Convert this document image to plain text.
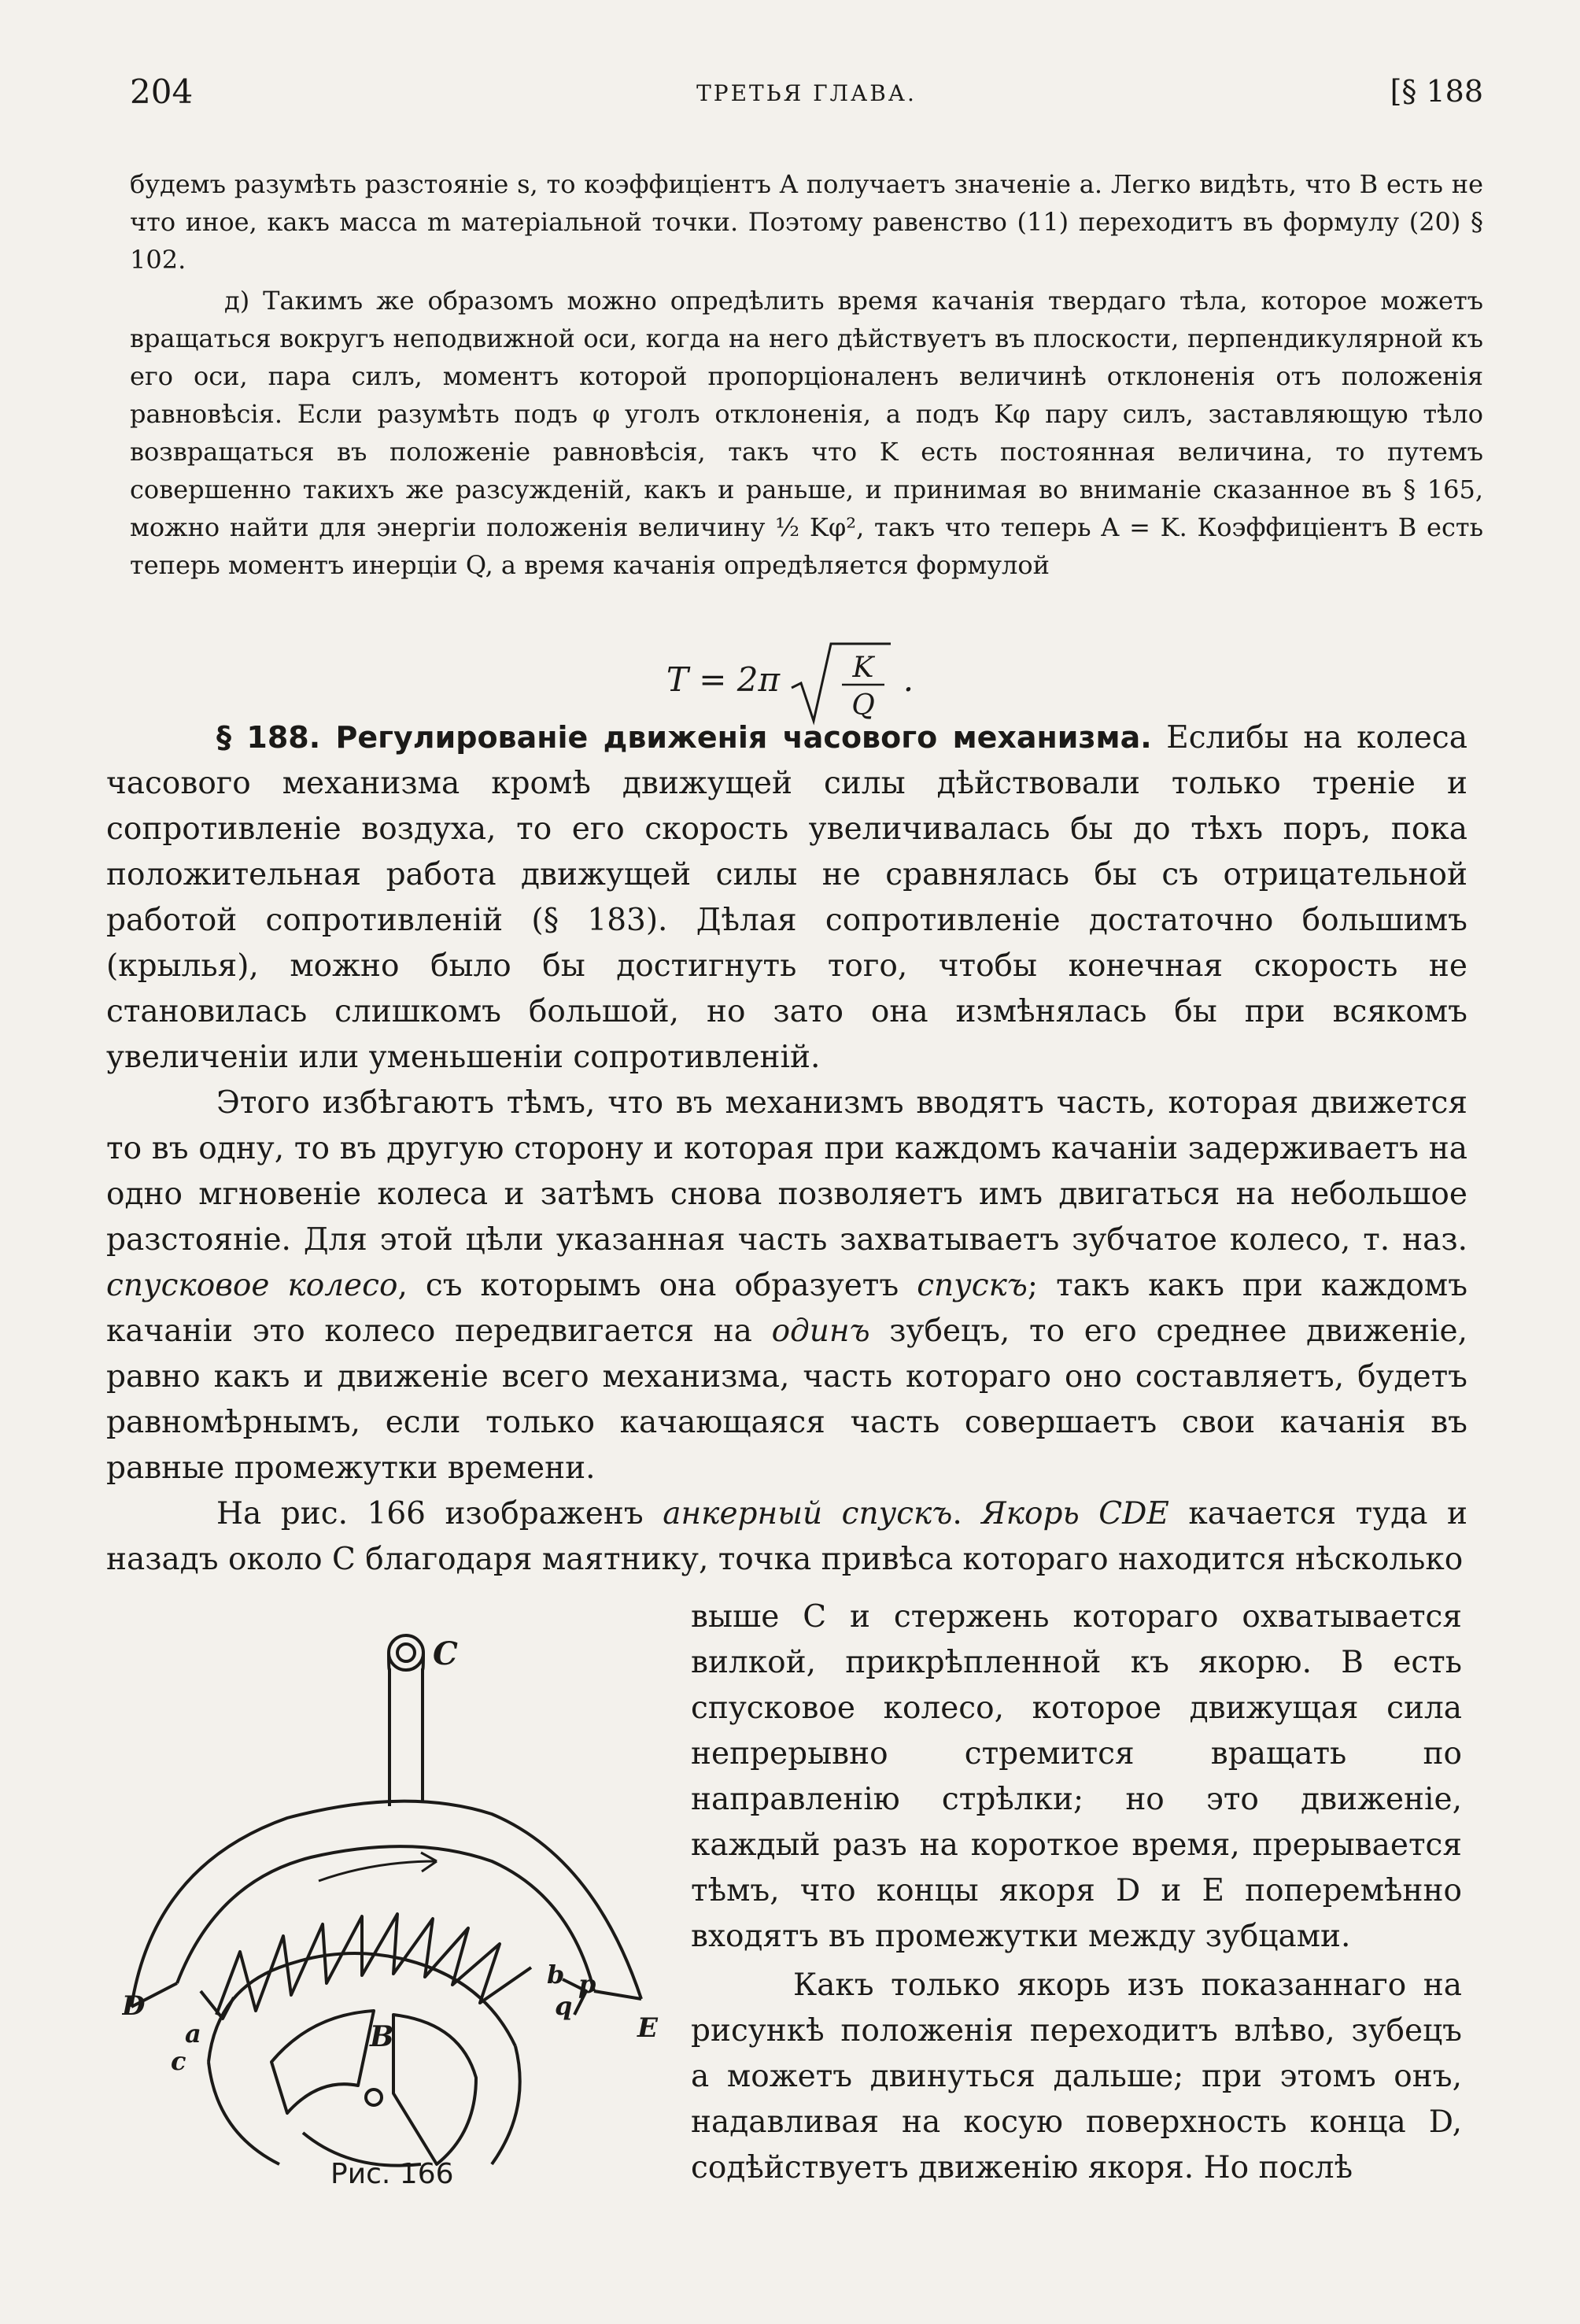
204	ТРЕТЬЯ ГЛАВА.	[§ 188

будемъ разумѣть разстояніе s, то коэффиціентъ A получаетъ значеніе a. Легко видѣть, что B есть не что иное, какъ масса m матеріальной точки. Поэтому равенство (11) переходитъ въ формулу (20) § 102.

д) Такимъ же образомъ можно опредѣлить время качанія твердаго тѣла, которое можетъ вращаться вокругъ неподвижной оси, когда на него дѣйствуетъ въ плоскости, перпендикулярной къ его оси, пара силъ, моментъ которой пропорціоналенъ величинѣ отклоненія отъ положенія равновѣсія. Если разумѣть подъ φ уголъ отклоненія, а подъ Kφ пару силъ, заставляющую тѣло возвращаться въ положеніе равновѣсія, такъ что K есть постоянная величина, то путемъ совершенно такихъ же разсужденій, какъ и раньше, и принимая во вниманіе сказанное въ § 165, можно найти для энергіи положенія величину ½ Kφ², такъ что теперь A = K. Коэффиціентъ B есть теперь моментъ инерціи Q, а время качанія опредѣляется формулой

T = 2π	K
Q
.

§ 188. Регулированіе движенія часового механизма. Еслибы на колеса часового механизма кромѣ движущей силы дѣйствовали только треніе и сопротивленіе воздуха, то его скорость увеличивалась бы до тѣхъ поръ, пока положительная работа движущей силы не сравнялась бы съ отрицательной работой сопротивленій (§ 183). Дѣлая сопротивленіе достаточно большимъ (крылья), можно было бы достигнуть того, чтобы конечная скорость не становилась слишкомъ большой, но зато она измѣнялась бы при всякомъ увеличеніи или уменьшеніи сопротивленій.

Этого избѣгаютъ тѣмъ, что въ механизмъ вводятъ часть, которая движется то въ одну, то въ другую сторону и которая при каждомъ качаніи задерживаетъ на одно мгновеніе колеса и затѣмъ снова позволяетъ имъ двигаться на небольшое разстояніе. Для этой цѣли указанная часть захватываетъ зубчатое колесо, т. наз. спусковое колесо, съ которымъ она образуетъ спускъ; такъ какъ при каждомъ качаніи это колесо передвигается на одинъ зубецъ, то его среднее движеніе, равно какъ и движеніе всего механизма, часть котораго оно составляетъ, будетъ равномѣрнымъ, если только качающаяся часть совершаетъ свои качанія въ равные промежутки времени.

На рис. 166 изображенъ анкерный спускъ. Якорь CDE качается туда и назадъ около C благодаря маятнику, точка привѣса котораго находится нѣсколько

выше C и стержень котораго охватывается вилкой, прикрѣпленной къ якорю. B есть спусковое колесо, которое движущая сила непрерывно стремится вращать по направленію стрѣлки; но это движеніе, каждый разъ на короткое время, прерывается тѣмъ, что концы якоря D и E поперемѣнно входятъ въ промежутки между зубцами.

Какъ только якорь изъ показаннаго на рисункѣ положенія переходитъ влѣво, зубецъ a можетъ двинуться дальше; при этомъ онъ, надавливая на косую поверхность конца D, содѣйствуетъ движенію якоря. Но послѣ

C
D
E
B
a
c
b p
q
Рис. 166
